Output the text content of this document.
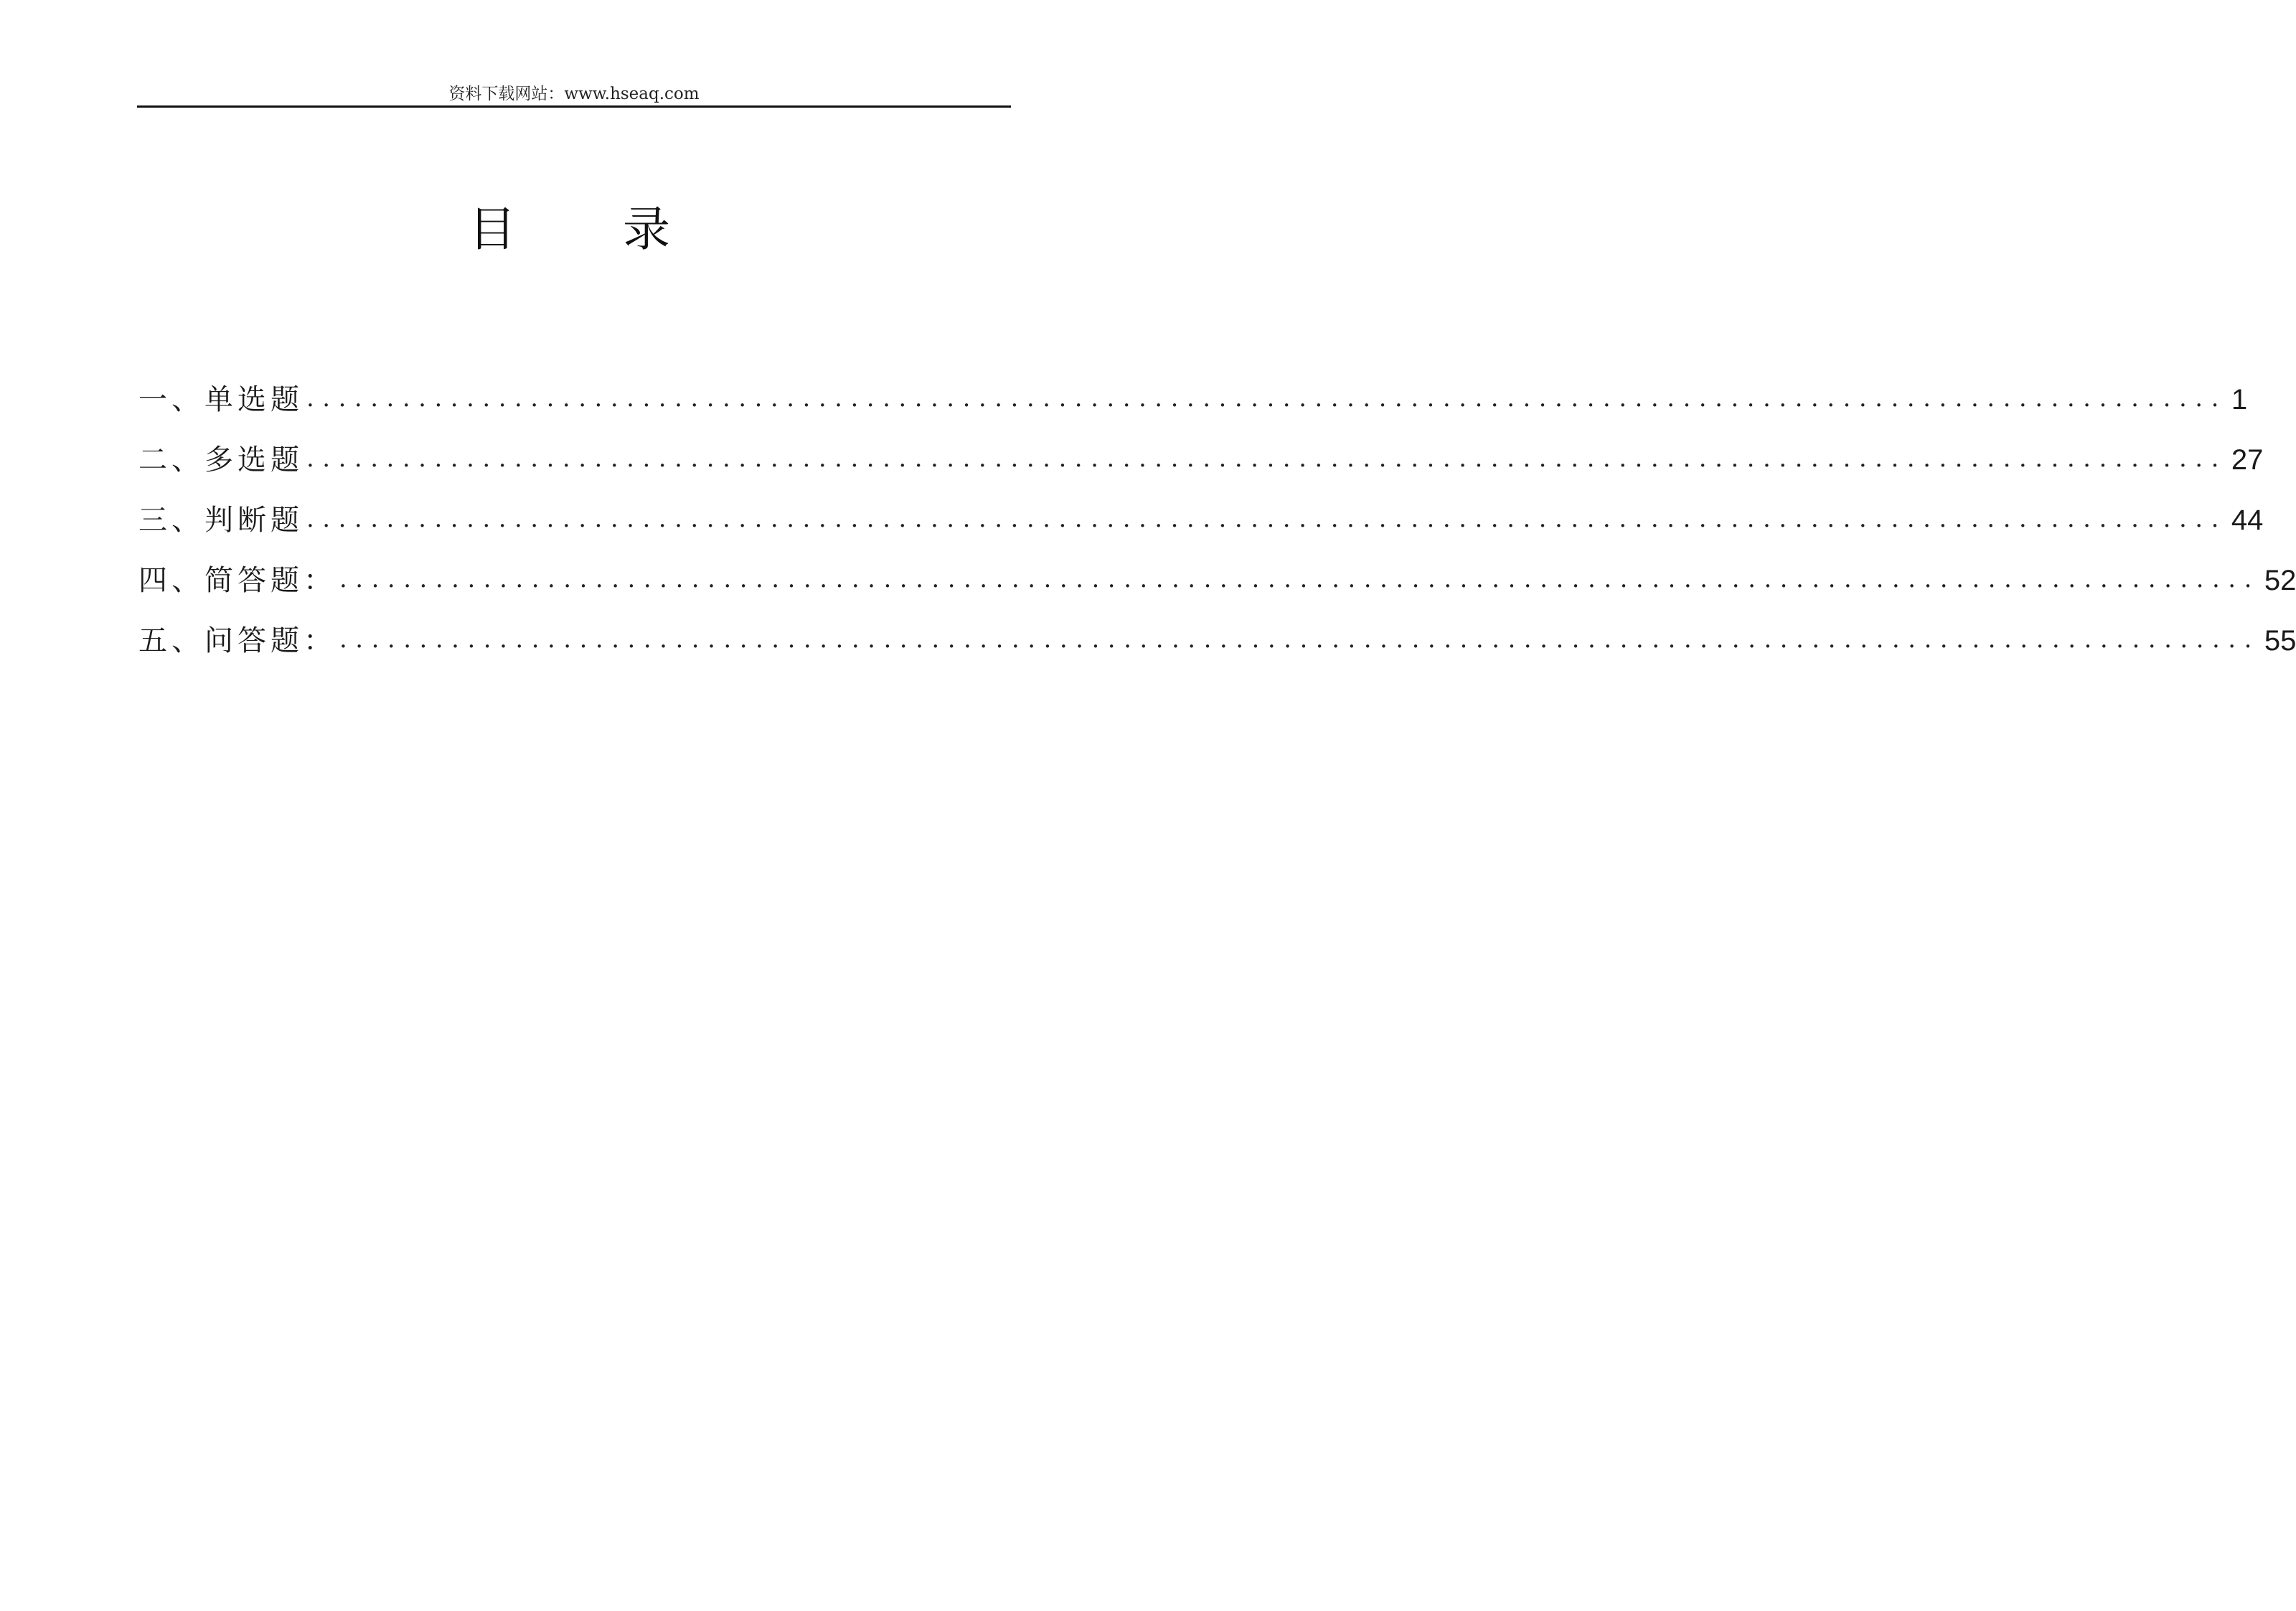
资料下载网站：www.hseaq.com
目 录
一、单选题 ........................................................................................................................ 1
二、多选题 ........................................................................................................................ 27
三、判断题 ........................................................................................................................ 44
四、简答题： ........................................................................................................................ 52
五、问答题： ........................................................................................................................ 55
